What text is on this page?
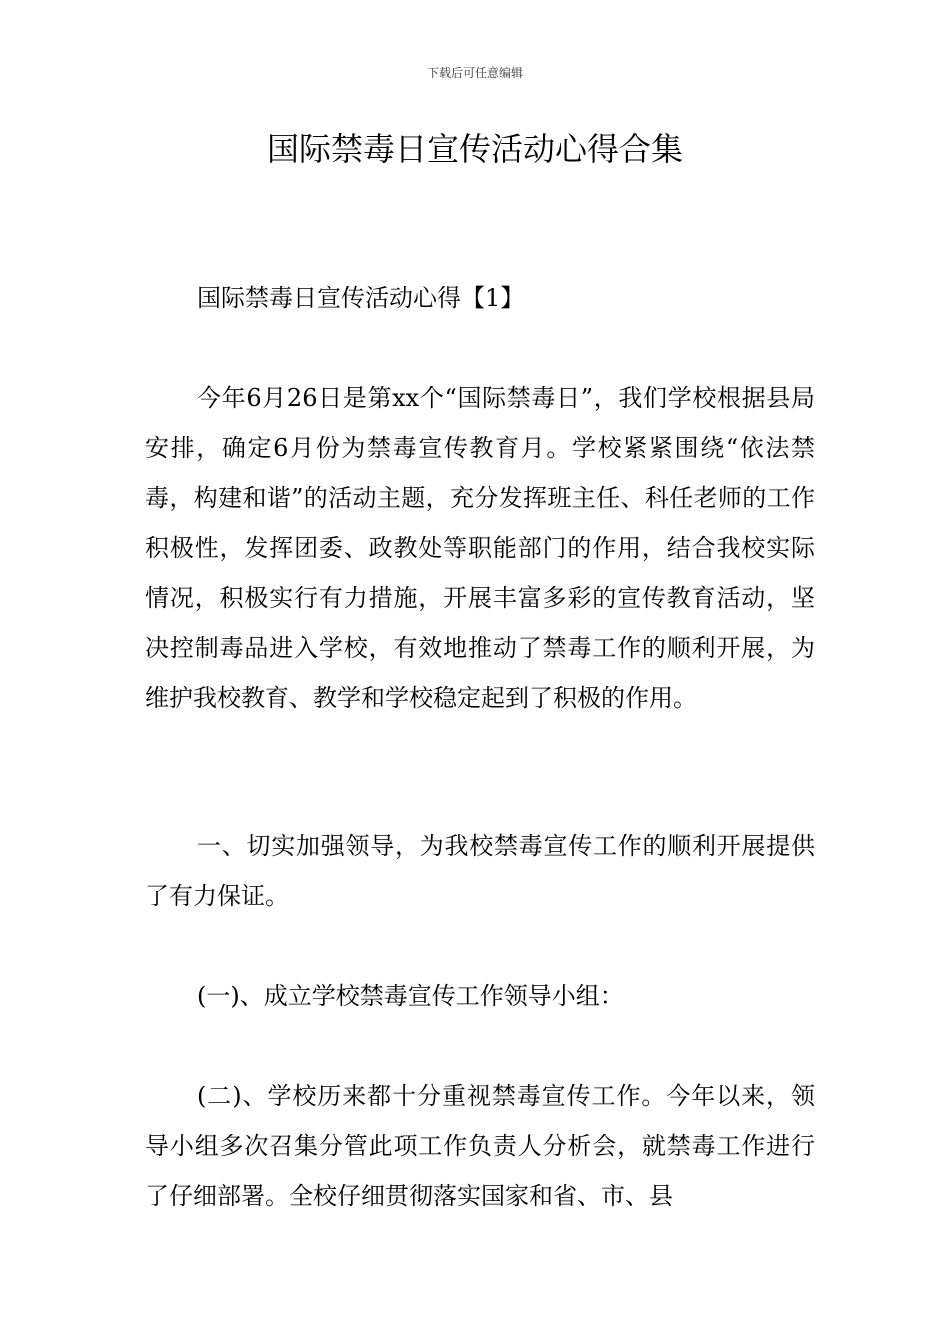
下载后可任意编辑
国际禁毒日宣传活动心得合集

国际禁毒日宣传活动心得【1】

今年6月26日是第xx个“国际禁毒日”，我们学校根据县局安排，确定6月份为禁毒宣传教育月。学校紧紧围绕“依法禁毒，构建和谐”的活动主题，充分发挥班主任、科任老师的工作积极性，发挥团委、政教处等职能部门的作用，结合我校实际情况，积极实行有力措施，开展丰富多彩的宣传教育活动，坚决控制毒品进入学校，有效地推动了禁毒工作的顺利开展，为维护我校教育、教学和学校稳定起到了积极的作用。

一、切实加强领导，为我校禁毒宣传工作的顺利开展提供了有力保证。

(一)、成立学校禁毒宣传工作领导小组：

(二)、学校历来都十分重视禁毒宣传工作。今年以来，领导小组多次召集分管此项工作负责人分析会，就禁毒工作进行了仔细部署。全校仔细贯彻落实国家和省、市、县
